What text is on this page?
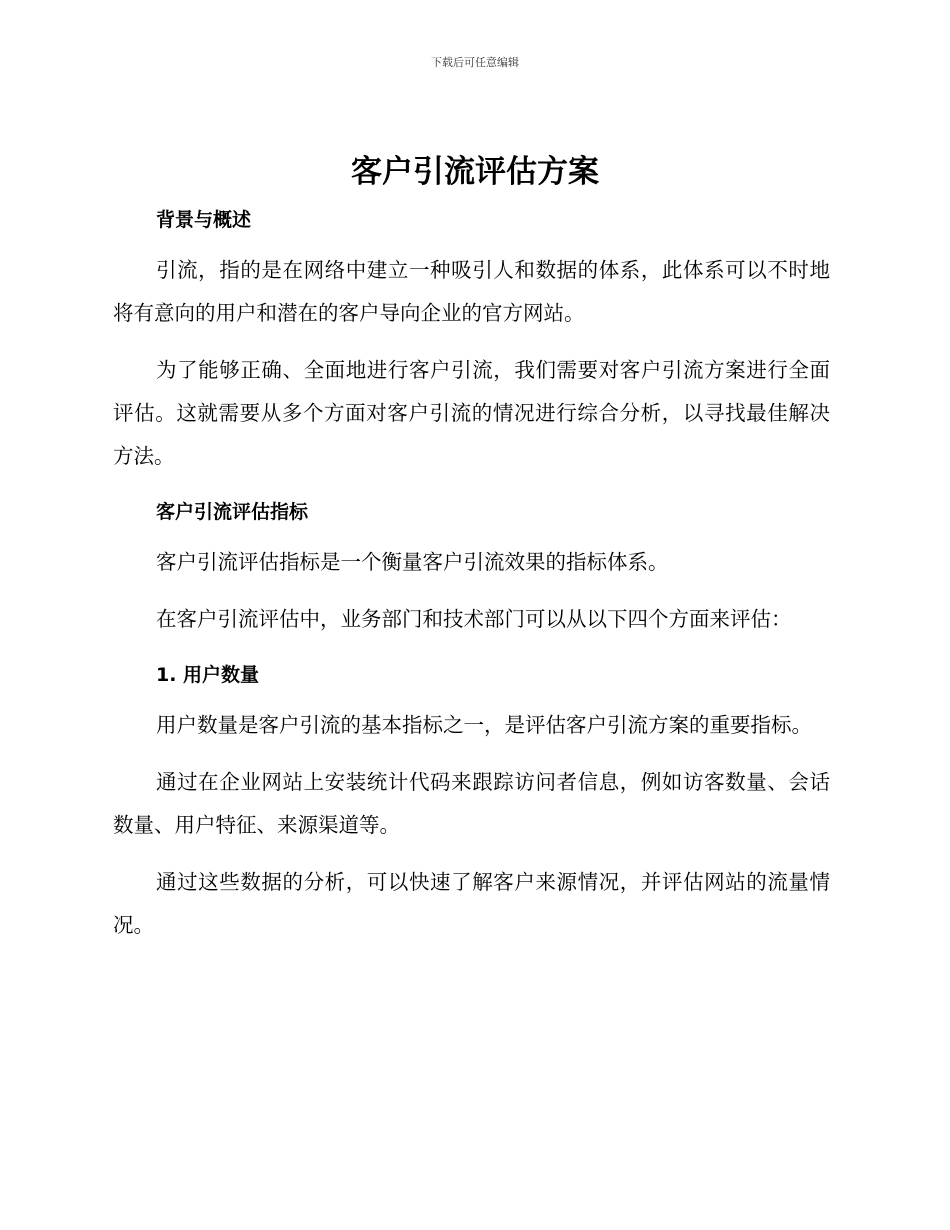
下载后可任意编辑
客户引流评估方案
背景与概述

引流，指的是在网络中建立一种吸引人和数据的体系，此体系可以不时地将有意向的用户和潜在的客户导向企业的官方网站。

为了能够正确、全面地进行客户引流，我们需要对客户引流方案进行全面评估。这就需要从多个方面对客户引流的情况进行综合分析，以寻找最佳解决方法。

客户引流评估指标

客户引流评估指标是一个衡量客户引流效果的指标体系。

在客户引流评估中，业务部门和技术部门可以从以下四个方面来评估：

1. 用户数量

用户数量是客户引流的基本指标之一，是评估客户引流方案的重要指标。

通过在企业网站上安装统计代码来跟踪访问者信息，例如访客数量、会话数量、用户特征、来源渠道等。

通过这些数据的分析，可以快速了解客户来源情况，并评估网站的流量情况。
